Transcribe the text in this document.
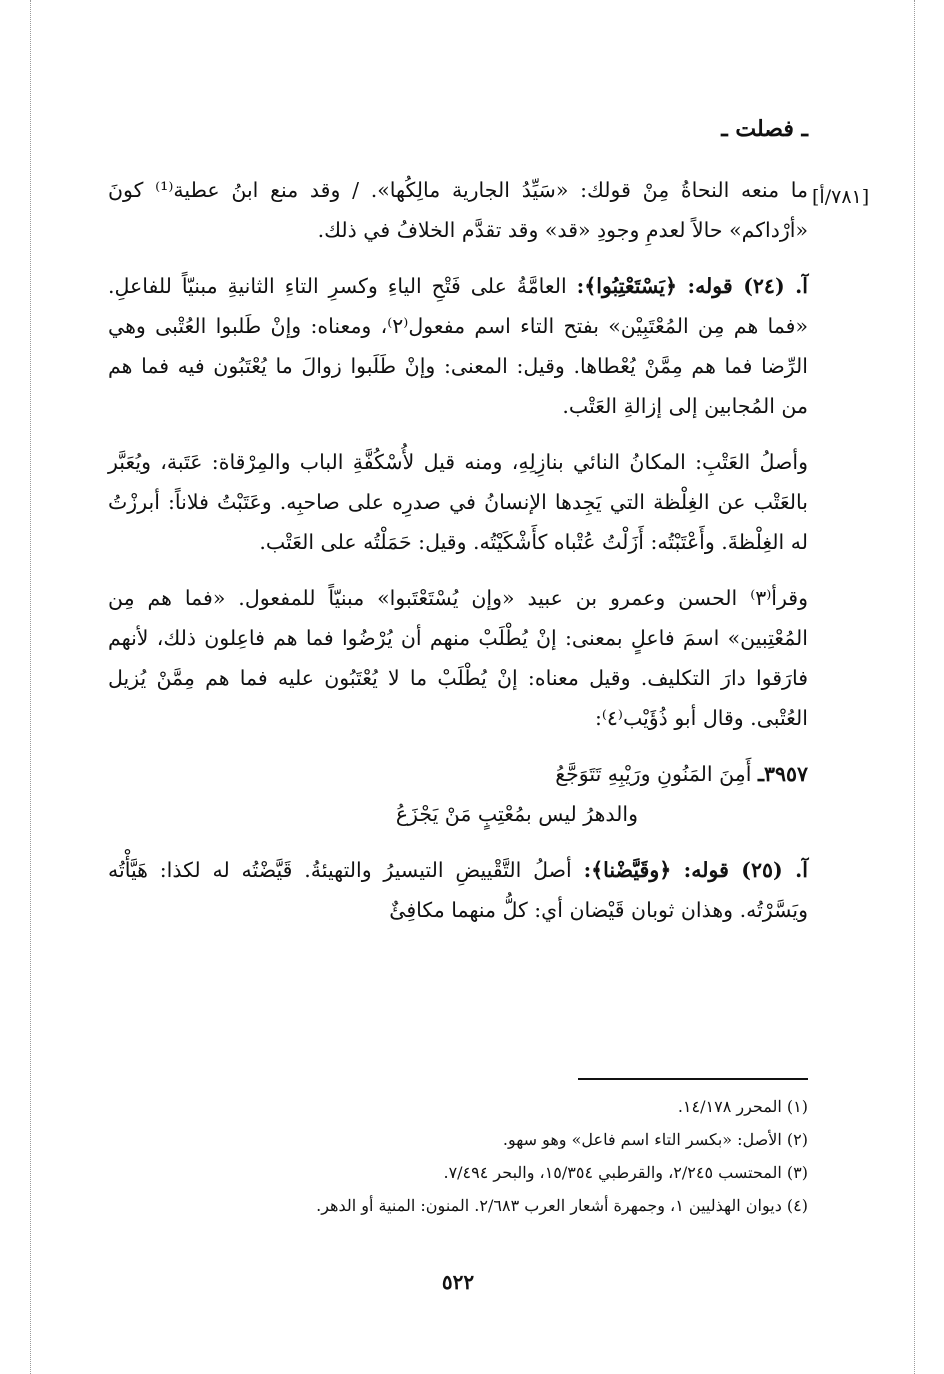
[٧٨١/أ]
ـ فصلت ـ

ما منعه النحاةُ مِنْ قولك: «سَيِّدُ الجارية مالِكُها». / وقد منع ابنُ عطية⁽¹⁾ كونَ «أرْداكم» حالاً لعدمِ وجودِ «قد» وقد تقدَّم الخلافُ في ذلك.

آ. (٢٤) قوله: ﴿يَسْتَعْتِبُوا﴾: العامَّةُ على فَتْحِ الياءِ وكسرِ التاءِ الثانيةِ مبنيّاً للفاعلِ. «فما هم مِن المُعْتَبِيْن» بفتح التاء اسم مفعول⁽٢⁾، ومعناه: وإنْ طَلبوا العُتْبى وهي الرِّضا فما هم مِمَّنْ يُعْطاها. وقيل: المعنى: وإنْ طَلَبوا زوالَ ما يُعْتَبُون فيه فما هم من المُجابين إلى إزالةِ العَتْب.

وأصلُ العَتْبِ: المكانُ النائي بنازِلِهِ، ومنه قيل لأُسْكُفَّةِ الباب والمِرْقاة: عَتَبة، ويُعَبَّر بالعَتْب عن الغِلْظة التي يَجِدها الإنسانُ في صدرِه على صاحبِه. وعَتَبْتُ فلاناً: أبرزْتُ له الغِلْظةَ. وأَعْتَبْتُه: أَزَلْتُ عُتْباه كأَشْكَيْتُه. وقيل: حَمَلْتُه على العَتْب.

وقرأ⁽٣⁾ الحسن وعمرو بن عبيد «وإن يُسْتَعْتَبوا» مبنيّاً للمفعول. «فما هم مِن المُعْتِبين» اسمَ فاعلٍ بمعنى: إنْ يُطْلَبْ منهم أن يُرْضُوا فما هم فاعِلون ذلك، لأنهم فارَقوا دارَ التكليف. وقيل معناه: إنْ يُطْلَبْ ما لا يُعْتَبُون عليه فما هم مِمَّنْ يُزيل العُتْبى. وقال أبو ذُؤَيْب⁽٤⁾:

٣٩٥٧ـ أَمِنَ المَنُونِ ورَيْبِهِ تَتَوَجَّعُ
والدهرُ ليس بمُعْتِبٍ مَنْ يَجْزَعُ

آ. (٢٥) قوله: ﴿وقَيَّضْنا﴾: أصلُ التَّقْييضِ التيسيرُ والتهيئةُ. قَيَّضْتُه له لكذا: هَيَّأْتُه ويَسَّرْتُه. وهذان ثوبان قَيْضان أي: كلُّ منهما مكافِئٌ

(١) المحرر ١٤/١٧٨.
(٢) الأصل: «بكسر التاء اسم فاعل» وهو سهو.
(٣) المحتسب ٢/٢٤٥، والقرطبي ١٥/٣٥٤، والبحر ٧/٤٩٤.
(٤) ديوان الهذليين ١، وجمهرة أشعار العرب ٢/٦٨٣. المنون: المنية أو الدهر.
٥٢٢
